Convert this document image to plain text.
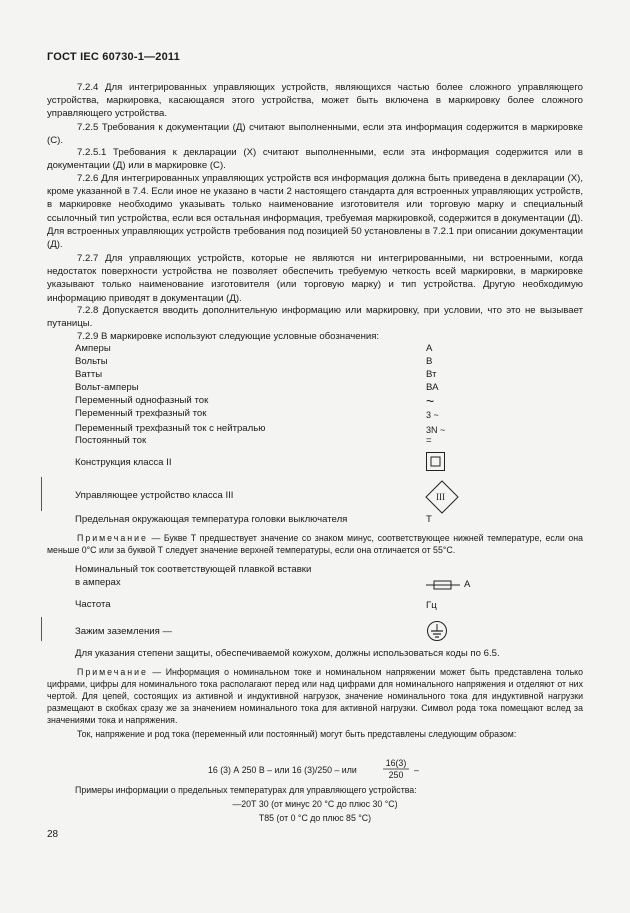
ГОСТ IEC 60730-1—2011
7.2.4 Для интегрированных управляющих устройств, являющихся частью более сложного управляющего устройства, маркировка, касающаяся этого устройства, может быть включена в маркировку более сложного управляющего устройства.
7.2.5 Требования к документации (Д) считают выполненными, если эта информация содержится в маркировке (С).
7.2.5.1 Требования к декларации (Х) считают выполненными, если эта информация содержится или в документации (Д) или в маркировке (С).
7.2.6 Для интегрированных управляющих устройств вся информация должна быть приведена в декларации (Х), кроме указанной в 7.4. Если иное не указано в части 2 настоящего стандарта для встроенных управляющих устройств, в маркировке необходимо указывать только наименование изготовителя или торговую марку и специальный ссылочный тип устройства, если вся остальная информация, требуемая маркировкой, содержится в документации (Д). Для встроенных управляющих устройств требования под позицией 50 установлены в 7.2.1 при описании документации (Д).
7.2.7 Для управляющих устройств, которые не являются ни интегрированными, ни встроенными, когда недостаток поверхности устройства не позволяет обеспечить требуемую четкость всей маркировки, в маркировке указывают только наименование изготовителя (или торговую марку) и тип устройства. Другую необходимую информацию приводят в документации (Д).
7.2.8 Допускается вводить дополнительную информацию или маркировку, при условии, что это не вызывает путаницы.
7.2.9 В маркировке используют следующие условные обозначения:
Амперы	А
Вольты	В
Ватты	Вт
Вольт-амперы	ВА
Переменный однофазный ток	~
Переменный трехфазный ток	3 ~
Переменный трехфазный ток с нейтралью	3N ~
Постоянный ток	=
Конструкция класса II
Управляющее устройство класса III	III
Предельная окружающая температура головки выключателя	Т
Примечание — Букве Т предшествует значение со знаком минус, соответствующее нижней температуре, если она меньше 0°С или за буквой Т следует значение верхней температуры, если она отличается от 55°С.
Номинальный ток соответствующей плавкой вставки
в амперах	А
Частота	Гц
Зажим заземления —
Для указания степени защиты, обеспечиваемой кожухом, должны использоваться коды по 6.5.
Примечание — Информация о номинальном токе и номинальном напряжении может быть представлена только цифрами, цифры для номинального тока располагают перед или над цифрами для номинального напряжения и отделяют от них чертой. Для цепей, состоящих из активной и индуктивной нагрузок, значение номинального тока для индуктивной нагрузки размещают в скобках сразу же за значением номинального тока для активной нагрузки. Символ рода тока помещают вслед за значениями тока и напряжения.
Ток, напряжение и род тока (переменный или постоянный) могут быть представлены следующим образом:
16 (3) А 250 В – или 16 (3)/250 – или
16(3)
250	–
Примеры информации о предельных температурах для управляющего устройства:
—20Т 30 (от минус 20 °С до плюс 30 °С)
Т85 (от 0 °С до плюс 85 °С)
28
